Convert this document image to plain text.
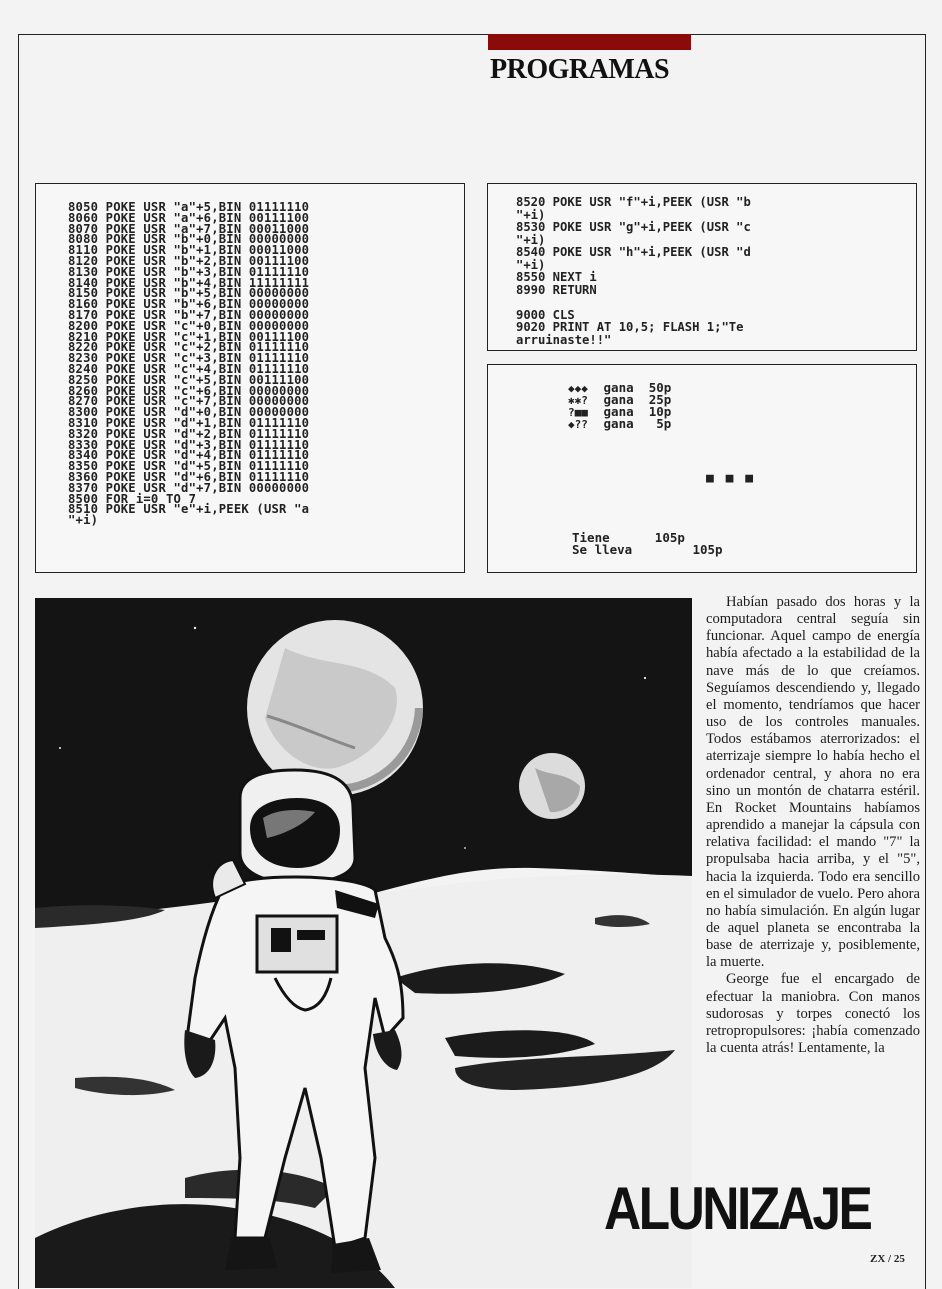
PROGRAMAS
8050 POKE USR "a"+5,BIN 01111110
8060 POKE USR "a"+6,BIN 00111100
8070 POKE USR "a"+7,BIN 00011000
8080 POKE USR "b"+0,BIN 00000000
8110 POKE USR "b"+1,BIN 00011000
8120 POKE USR "b"+2,BIN 00111100
8130 POKE USR "b"+3,BIN 01111110
8140 POKE USR "b"+4,BIN 11111111
8150 POKE USR "b"+5,BIN 00000000
8160 POKE USR "b"+6,BIN 00000000
8170 POKE USR "b"+7,BIN 00000000
8200 POKE USR "c"+0,BIN 00000000
8210 POKE USR "c"+1,BIN 00111100
8220 POKE USR "c"+2,BIN 01111110
8230 POKE USR "c"+3,BIN 01111110
8240 POKE USR "c"+4,BIN 01111110
8250 POKE USR "c"+5,BIN 00111100
8260 POKE USR "c"+6,BIN 00000000
8270 POKE USR "c"+7,BIN 00000000
8300 POKE USR "d"+0,BIN 00000000
8310 POKE USR "d"+1,BIN 01111110
8320 POKE USR "d"+2,BIN 01111110
8330 POKE USR "d"+3,BIN 01111110
8340 POKE USR "d"+4,BIN 01111110
8350 POKE USR "d"+5,BIN 01111110
8360 POKE USR "d"+6,BIN 01111110
8370 POKE USR "d"+7,BIN 00000000
8500 FOR i=0 TO 7
8510 POKE USR "e"+i,PEEK (USR "a
"+i)
8520 POKE USR "f"+i,PEEK (USR "b
"+i)
8530 POKE USR "g"+i,PEEK (USR "c
"+i)
8540 POKE USR "h"+i,PEEK (USR "d
"+i)
8550 NEXT i
8990 RETURN

9000 CLS
9020 PRINT AT 10,5; FLASH 1;"Te
arruinaste!!"
◆◆◆ gana 50p
✱✱? gana 25p
?■■ gana 10p
◆?? gana   5p
■ ■ ■
Tiene	105p
Se lleva	105p

Habían pasado dos horas y la computadora central seguía sin funcionar. Aquel campo de energía había afectado a la estabilidad de la nave más de lo que creíamos. Seguíamos descendiendo y, llegado el momento, tendríamos que hacer uso de los controles manuales. Todos estábamos aterrorizados: el aterrizaje siempre lo había hecho el ordenador central, y ahora no era sino un montón de chatarra estéril. En Rocket Mountains habíamos aprendido a manejar la cápsula con relativa facilidad: el mando "7" la propulsaba hacia arriba, y el "5", hacia la izquierda. Todo era sencillo en el simulador de vuelo. Pero ahora no había simulación. En algún lugar de aquel planeta se encontraba la base de aterrizaje y, posiblemente, la muerte.

George fue el encargado de efectuar la maniobra. Con manos sudorosas y torpes conectó los retropropulsores: ¡había comenzado la cuenta atrás! Lentamente, la

ALUNIZAJE
ZX / 25
